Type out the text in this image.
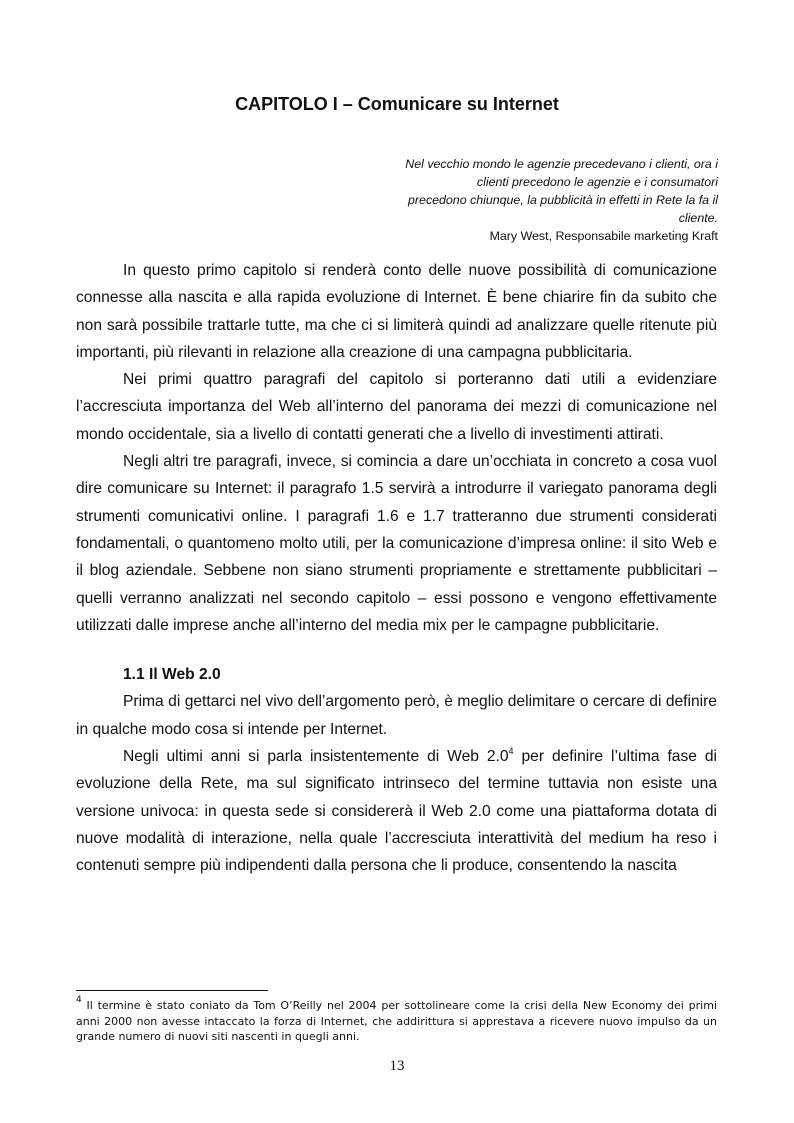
CAPITOLO I – Comunicare su Internet
Nel vecchio mondo le agenzie precedevano i clienti, ora i
clienti precedono le agenzie e i consumatori
precedono chiunque, la pubblicità in effetti in Rete la fa il
cliente.
Mary West, Responsabile marketing Kraft

In questo primo capitolo si renderà conto delle nuove possibilità di comunicazione connesse alla nascita e alla rapida evoluzione di Internet. È bene chiarire fin da subito che non sarà possibile trattarle tutte, ma che ci si limiterà quindi ad analizzare quelle ritenute più importanti, più rilevanti in relazione alla creazione di una campagna pubblicitaria.

Nei primi quattro paragrafi del capitolo si porteranno dati utili a evidenziare l’accresciuta importanza del Web all’interno del panorama dei mezzi di comunicazione nel mondo occidentale, sia a livello di contatti generati che a livello di investimenti attirati.

Negli altri tre paragrafi, invece, si comincia a dare un’occhiata in concreto a cosa vuol dire comunicare su Internet: il paragrafo 1.5 servirà a introdurre il variegato panorama degli strumenti comunicativi online. I paragrafi 1.6 e 1.7 tratteranno due strumenti considerati fondamentali, o quantomeno molto utili, per la comunicazione d’impresa online: il sito Web e il blog aziendale. Sebbene non siano strumenti propriamente e strettamente pubblicitari – quelli verranno analizzati nel secondo capitolo – essi possono e vengono effettivamente utilizzati dalle imprese anche all’interno del media mix per le campagne pubblicitarie.

1.1 Il Web 2.0

Prima di gettarci nel vivo dell’argomento però, è meglio delimitare o cercare di definire in qualche modo cosa si intende per Internet.

Negli ultimi anni si parla insistentemente di Web $2.0^4$ per definire l’ultima fase di evoluzione della Rete, ma sul significato intrinseco del termine tuttavia non esiste una versione univoca: in questa sede si considererà il Web 2.0 come una piattaforma dotata di nuove modalità di interazione, nella quale l’accresciuta interattività del medium ha reso i contenuti sempre più indipendenti dalla persona che li produce, consentendo la nascita

$^4$ Il termine è stato coniato da Tom O’Reilly nel 2004 per sottolineare come la crisi della New Economy dei primi anni 2000 non avesse intaccato la forza di Internet, che addirittura si apprestava a ricevere nuovo impulso da un grande numero di nuovi siti nascenti in quegli anni.
13
